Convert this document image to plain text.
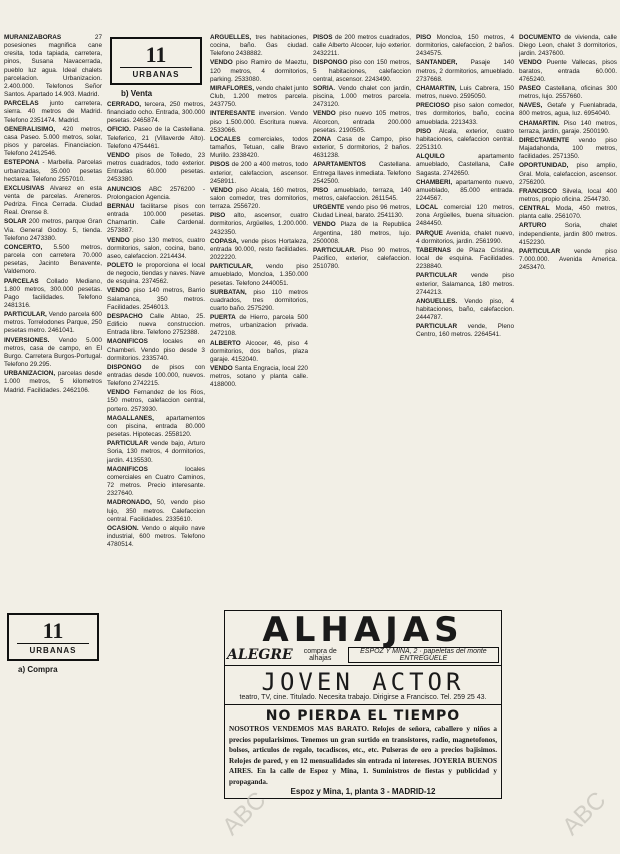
MURANIZABORAS	27 posesiones magnifica cane cresita, toda tapiada, carretera, pinos, Susana Navacerrada, pueblo luz agua. Ideal chalets parcelacion. Urbanizacion. 2.400.000. Telefonos Señor Santos. Apartado 14.903. Madrid.

PARCELAS junto carretera, sierra. 40 metros de Madrid. Telefono 2351474. Madrid.

GENERALISIMO, 420 metros, casa Paseo. 5.000 metros, solar, pisos y parcelas. Financiacion. Telefono 2412546.

ESTEPONA - Marbella. Parcelas urbanizadas, 35.000 pesetas hectarea. Telefono 2557010.

EXCLUSIVAS Alvarez en esta venta de parcelas. Areneros. Pedriza. Finca Cerrada. Ciudad Real. Orense 8.

SOLAR 200 metros, parque Gran Via. General Godoy. 5, tienda. Telefono 2473380.

CONCERTO, 5.500 metros, parcela con carretera 70.000 pesetas, Jacinto Benavente, Valdemoro.

PARCELAS Collado Mediano, 1.800 metros, 300.000 pesetas. Pago facilidades. Telefono 2481316.

PARTICULAR, Vendo parcela 600 metros. Torrelodones Parque, 250 pesetas metro. 2461041.

INVERSIONES. Vendo 5.000 metros, casa de campo, en El Burgo. Carretera Burgos-Portugal. Telefono 29.295.

URBANIZACION, parcelas desde 1.000 metros, 5 kilometros Madrid. Facilidades. 2462106.

11
URBANAS
a) Compra
11
URBANAS
b) Venta

CERRADO, tercera, 250 metros, financiado ocho. Entrada, 300.000 pesetas. 2465874.

OFICIO. Paseo de la Castellana. Teleferico, 21 (Villaverde Alto). Telefono 4754461.

VENDO pisos de Tolledo, 23 metros cuadrados, todo exterior. Entradas 60.000 pesetas. 2453380.

ANUNCIOS ABC 2576200 - Prolongacion Agencia.

BERNAU facilitarse pisos con entrada 100.000 pesetas. Chamartin. Calle Cardenal. 2573887.

VENDO piso 130 metros, cuatro dormitorios, salon, cocina, bano, aseo, calefaccion. 2214434.

POLETO le proporciona el local de negocio, tiendas y naves. Nave de esquina. 2374562.

VENDO piso 140 metros, Barrio Salamanca, 350 metros. Facilidades. 2546013.

DESPACHO Calle Abtao, 25. Edificio nueva construccion. Entrada libre. Telefono 2752388.

MAGNIFICOS locales en Chamberi. Vendo piso desde 3 dormitorios. 2335740.

DISPONGO de pisos con entradas desde 100.000, nuevos. Telefono 2742215.

VENDO Fernandez de los Rios, 150 metros, calefaccion central, portero. 2573930.

MAGALLANES, apartamentos con piscina, entrada 80.000 pesetas. Hipotecas. 2558120.

PARTICULAR vende bajo, Arturo Soria, 130 metros, 4 dormitorios, jardin. 4135530.

MAGNIFICOS	locales comerciales en Cuatro Caminos, 72 metros. Precio interesante. 2327640.

MADRONADO, 50, vendo piso lujo, 350 metros. Calefaccion central. Facilidades. 2335610.

OCASION. Vendo o alquilo nave industrial, 600 metros. Telefono 4780514.

ARGUELLES, tres habitaciones, cocina, baño. Gas ciudad. Telefono 2438882.

VENDO piso Ramiro de Maeztu, 120 metros, 4 dormitorios, parking. 2533080.

MIRAFLORES, vendo chalet junto Club, 1.200 metros parcela. 2437750.

INTERESANTE inversion. Vendo piso 1.500.000. Escritura nueva. 2533066.

LOCALES comerciales, todos tamaños, Tetuan, calle Bravo Murillo. 2338420.

PISOS de 200 a 400 metros, todo exterior, calefaccion, ascensor. 2458911.

VENDO piso Alcala, 160 metros, salon comedor, tres dormitorios, terraza. 2556720.

PISO alto, ascensor, cuatro dormitorios, Argüelles, 1.200.000. 2432350.

COPASA, vende pisos Hortaleza, entrada 90.000, resto facilidades. 2022220.

PARTICULAR, vendo piso amueblado, Moncloa, 1.350.000 pesetas. Telefono 2440051.

SURBATAN, piso 110 metros cuadrados, tres dormitorios, cuarto baño. 2575290.

PUERTA de Hierro, parcela 500 metros, urbanizacion privada. 2472108.

ALBERTO Alcocer, 46, piso 4 dormitorios, dos baños, plaza garaje. 4152040.

VENDO Santa Engracia, local 220 metros, sotano y planta calle. 4188000.

PISOS de 200 metros cuadrados, calle Alberto Alcocer, lujo exterior. 2432211.

DISPONGO piso con 150 metros, 5 habitaciones, calefaccion central, ascensor. 2243490.

SORIA. Vendo chalet con jardin, piscina, 1.000 metros parcela. 2473120.

VENDO piso nuevo 105 metros, Alcorcon, entrada 200.000 pesetas. 2190505.

ZONA Casa de Campo, piso exterior, 5 dormitorios, 2 baños. 4631238.

APARTAMENTOS Castellana. Entrega llaves inmediata. Telefono 2542500.

PISO amueblado, terraza, 140 metros, calefaccion. 2611545.

URGENTE vendo piso 96 metros, Ciudad Lineal, barato. 2541130.

VENDO Plaza de la Republica Argentina, 180 metros, lujo. 2500008.

PARTICULAR. Piso 90 metros, Pacifico, exterior, calefaccion. 2510780.

PISO Moncloa, 150 metros, 4 dormitorios, calefaccion, 2 baños. 2434575.

SANTANDER, Pasaje 140 metros, 2 dormitorios, amueblado. 2737668.

CHAMARTIN, Luis Cabrera, 150 metros, nuevo. 2595050.

PRECIOSO piso salon comedor, tres dormitorios, baño, cocina amueblada. 2213433.

PISO Alcala, exterior, cuatro habitaciones, calefaccion central. 2251310.

ALQUILO	apartamento amueblado, Castellana, Calle Sagasta. 2742650.

CHAMBERI, apartamento nuevo, amueblado, 85.000 entrada. 2244567.

LOCAL comercial 120 metros, zona Argüelles, buena situacion. 2484450.

PARQUE Avenida, chalet nuevo, 4 dormitorios, jardin. 2561990.

TABERNAS de Plaza Cristina, local de esquina. Facilidades. 2238840.

PARTICULAR vende piso exterior, Salamanca, 180 metros. 2744213.

ANGUELLES. Vendo piso, 4 habitaciones, baño, calefaccion. 2444787.

PARTICULAR vende, Pleno Centro, 160 metros. 2264541.

DOCUMENTO de vivienda, calle Diego Leon, chalet 3 dormitorios, jardin. 2437600.

VENDO Puente Vallecas, pisos baratos, entrada 60.000. 4765240.

PASEO Castellana, oficinas 300 metros, lujo. 2557660.

NAVES, Getafe y Fuenlabrada, 800 metros, agua, luz. 6954040.

CHAMARTIN. Piso 140 metros, terraza, jardin, garaje. 2500190.

DIRECTAMENTE vendo piso Majadahonda, 100 metros, facilidades. 2571350.

OPORTUNIDAD, piso amplio, Gral. Mola, calefaccion, ascensor. 2756200.

FRANCISCO Silvela, local 400 metros, propio oficina. 2544730.

CENTRAL Moda, 450 metros, planta calle. 2561070.

ARTURO	Soria, chalet independiente, jardin 800 metros. 4152230.

PARTICULAR vende piso 7.000.000. Avenida America. 2453470.

ALHAJAS
ALEGRE	compra de alhajas
ESPOZ Y MINA, 2 · papeletas del monte ENTREGUELE
JOVEN ACTOR
teatro, TV, cine. Titulado. Necesita trabajo. Dirigirse a Francisco. Tel. 259 25 43.
NO PIERDA EL TIEMPO
NOSOTROS VENDEMOS MAS BARATO. Relojes de señora, caballero y niños a precios popularisimos. Tenemos un gran surtido en transistores, radio, magnetofonos, bolsos, articulos de regalo, tocadiscos, etc., etc. Pulseras de oro a precios bajisimos. Relojes de pared, y en 12 mensualidades sin entrada ni intereses. JOYERIA BUENOS AIRES. En la calle de Espoz y Mina, 1. Suministros de fiestas y publicidad y propaganda.
Espoz y Mina, 1, planta 3 - MADRID-12
ABC	ABC
